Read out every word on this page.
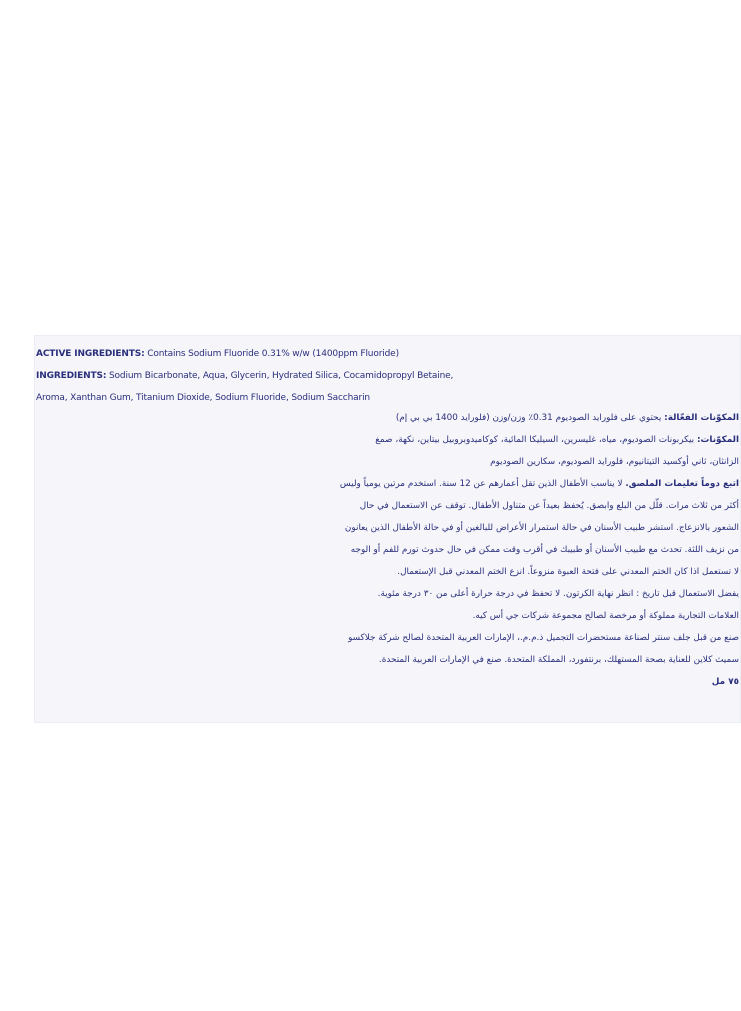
ACTIVE INGREDIENTS: Contains Sodium Fluoride 0.31% w/w (1400ppm Fluoride)
INGREDIENTS: Sodium Bicarbonate, Aqua, Glycerin, Hydrated Silica, Cocamidopropyl Betaine,
Aroma, Xanthan Gum, Titanium Dioxide, Sodium Fluoride, Sodium Saccharin
المكوّنات الفعّالة: يحتوي على فلورايد الصوديوم 0.31٪ وزن/وزن (فلورايد 1400 بي بي إم)
المكوّنات: بيكربونات الصوديوم، مياه، غليسرين، السيليكا المائية، كوكاميدوبروبيل بيتاين، نكهة، صمغ
الزانثان، ثاني أوكسيد التيتانيوم، فلورايد الصوديوم، سكارين الصوديوم
اتبع دوماً تعليمات الملصق. لا يناسب الأطفال الذين تقل أعمارهم عن 12 سنة. استخدم مرتين يومياً وليس
أكثر من ثلاث مرات. قلّل من البلع وابصق. يُحفظ بعيداً عن متناول الأطفال. توقف عن الاستعمال في حال
الشعور بالانزعاج. استشر طبيب الأسنان في حالة استمرار الأعراض للبالغين أو في حالة الأطفال الذين يعانون
من نزيف اللثة. تحدث مع طبيب الأسنان أو طبيبك في أقرب وقت ممكن في حال حدوث تورم للفم أو الوجه
لا تستعمل اذا كان الختم المعدني على فتحة العبوة منزوعاً. انزع الختم المعدني قبل الإستعمال.
يفضل الاستعمال قبل تاريخ : انظر نهاية الكرتون. لا تحفظ في درجة حرارة أعلى من ٣٠ درجة مئوية.
العلامات التجارية مملوكة أو مرخصة لصالح مجموعة شركات جي أس كيه.
صنع من قبل جلف سنتر لصناعة مستحضرات التجميل ذ.م.م.، الإمارات العربية المتحدة لصالح شركة جلاكسو
سميث كلاين للعناية بصحة المستهلك، برنتفورد، المملكة المتحدة. صنع في الإمارات العربية المتحدة.
٧٥ مل
